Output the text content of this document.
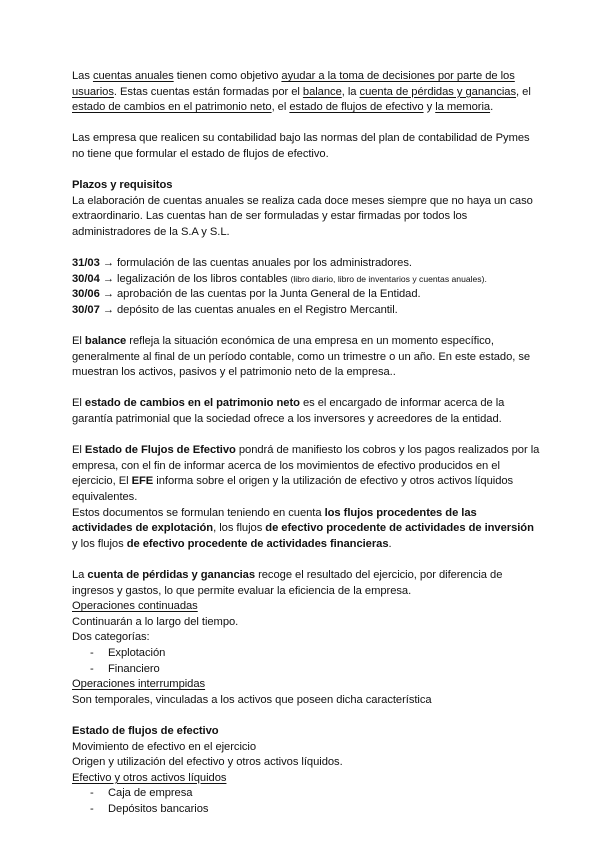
Las cuentas anuales tienen como objetivo ayudar a la toma de decisiones por parte de los usuarios. Estas cuentas están formadas por el balance, la cuenta de pérdidas y ganancias, el estado de cambios en el patrimonio neto, el estado de flujos de efectivo y la memoria.

Las empresa que realicen su contabilidad bajo las normas del plan de contabilidad de Pymes no tiene que formular el estado de flujos de efectivo.

Plazos y requisitos

La elaboración de cuentas anuales se realiza cada doce meses siempre que no haya un caso extraordinario. Las cuentas han de ser formuladas y estar firmadas por todos los administradores de la S.A y S.L.

31/03 → formulación de las cuentas anuales por los administradores.

30/04 → legalización de los libros contables (libro diario, libro de inventarios y cuentas anuales).

30/06 → aprobación de las cuentas por la Junta General de la Entidad.

30/07 → depósito de las cuentas anuales en el Registro Mercantil.

El balance refleja la situación económica de una empresa en un momento específico, generalmente al final de un período contable, como un trimestre o un año. En este estado, se muestran los activos, pasivos y el patrimonio neto de la empresa..

El estado de cambios en el patrimonio neto es el encargado de informar acerca de la garantía patrimonial que la sociedad ofrece a los inversores y acreedores de la entidad.

El Estado de Flujos de Efectivo pondrá de manifiesto los cobros y los pagos realizados por la empresa, con el fin de informar acerca de los movimientos de efectivo producidos en el ejercicio, El EFE informa sobre el origen y la utilización de efectivo y otros activos líquidos equivalentes.

Estos documentos se formulan teniendo en cuenta los flujos procedentes de las actividades de explotación, los flujos de efectivo procedente de actividades de inversión y los flujos de efectivo procedente de actividades financieras.

La cuenta de pérdidas y ganancias recoge el resultado del ejercicio, por diferencia de ingresos y gastos, lo que permite evaluar la eficiencia de la empresa.

Operaciones continuadas

Continuarán a lo largo del tiempo.

Dos categorías:

- Explotación
- Financiero

Operaciones interrumpidas

Son temporales, vinculadas a los activos que poseen dicha característica

Estado de flujos de efectivo

Movimiento de efectivo en el ejercicio

Origen y utilización del efectivo y otros activos líquidos.

Efectivo y otros activos líquidos

- Caja de empresa
- Depósitos bancarios
